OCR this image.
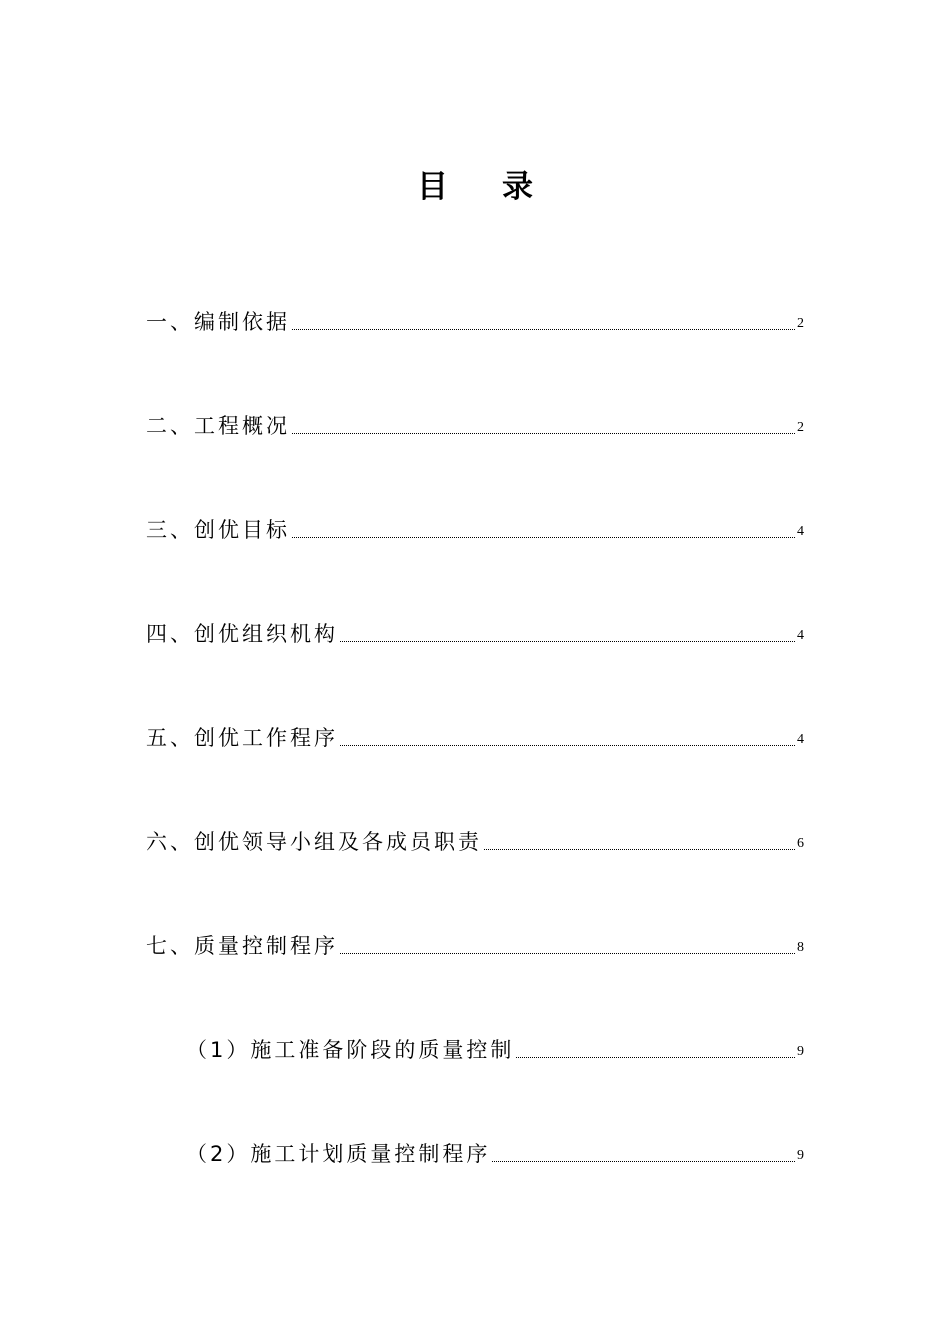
目 录
一、编制依据	2
二、工程概况	2
三、创优目标	4
四、创优组织机构	4
五、创优工作程序	4
六、创优领导小组及各成员职责	6
七、质量控制程序	8
（1）施工准备阶段的质量控制	9
（2）施工计划质量控制程序	9
